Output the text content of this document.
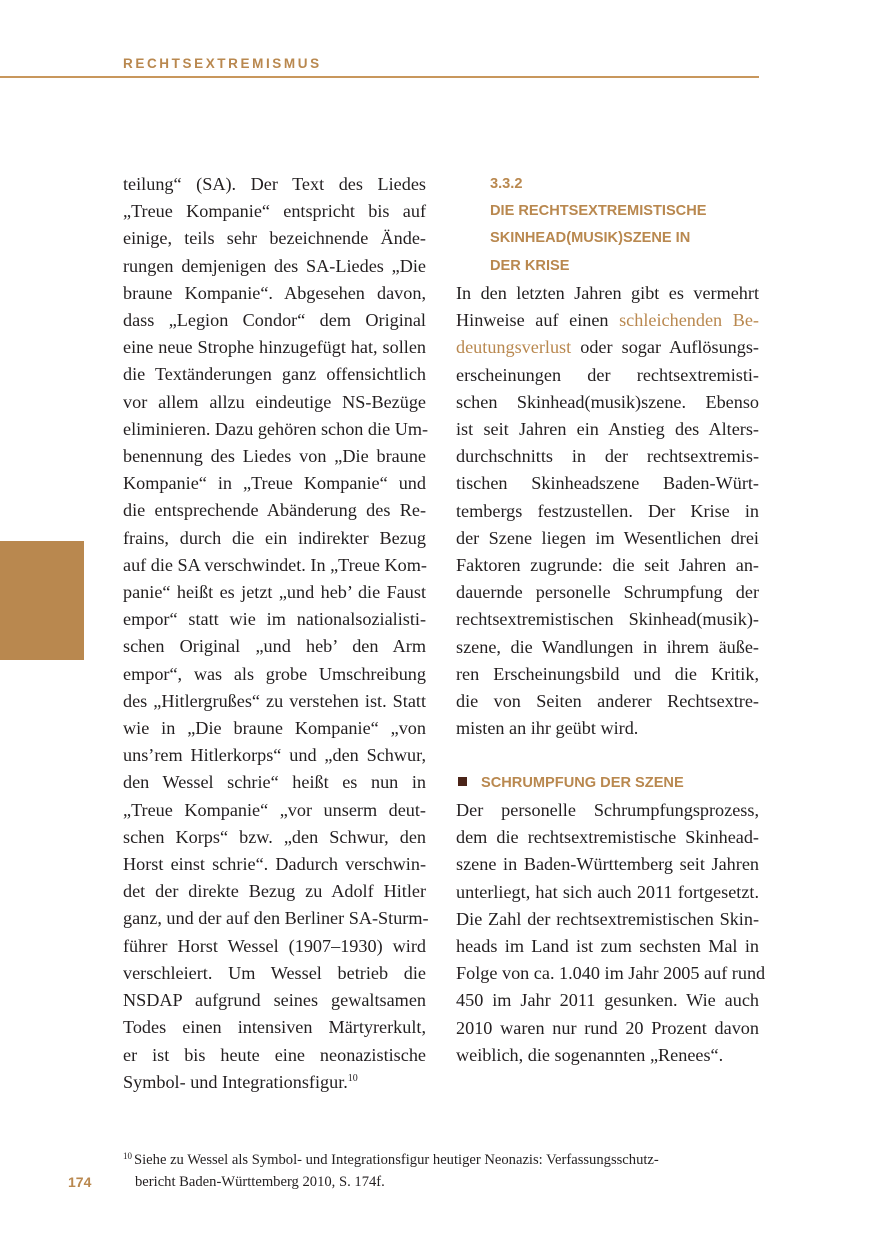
RECHTSEXTREMISMUS
teilung“ (SA). Der Text des Liedes
„Treue Kompanie“ entspricht bis auf
einige, teils sehr bezeichnende Ände-
rungen demjenigen des SA-Liedes „Die
braune Kompanie“. Abgesehen davon,
dass „Legion Condor“ dem Original
eine neue Strophe hinzugefügt hat, sollen
die Textänderungen ganz offensichtlich
vor allem allzu eindeutige NS-Bezüge
eliminieren. Dazu gehören schon die Um-
benennung des Liedes von „Die braune
Kompanie“ in „Treue Kompanie“ und
die entsprechende Abänderung des Re-
frains, durch die ein indirekter Bezug
auf die SA verschwindet. In „Treue Kom-
panie“ heißt es jetzt „und heb’ die Faust
empor“ statt wie im nationalsozialisti-
schen Original „und heb’ den Arm
empor“, was als grobe Umschreibung
des „Hitlergrußes“ zu verstehen ist. Statt
wie in „Die braune Kompanie“ „von
uns’rem Hitlerkorps“ und „den Schwur,
den Wessel schrie“ heißt es nun in
„Treue Kompanie“ „vor unserm deut-
schen Korps“ bzw. „den Schwur, den
Horst einst schrie“. Dadurch verschwin-
det der direkte Bezug zu Adolf Hitler
ganz, und der auf den Berliner SA-Sturm-
führer Horst Wessel (1907–1930) wird
verschleiert. Um Wessel betrieb die
NSDAP aufgrund seines gewaltsamen
Todes einen intensiven Märtyrerkult,
er ist bis heute eine neonazistische
Symbol- und Integrationsfigur.$^{10}$
3.3.2
DIE RECHTSEXTREMISTISCHE
SKINHEAD(MUSIK)SZENE IN
DER KRISE
In den letzten Jahren gibt es vermehrt
Hinweise auf einen schleichenden Be-
deutungsverlust oder sogar Auflösungs-
erscheinungen der rechtsextremisti-
schen Skinhead(musik)szene. Ebenso
ist seit Jahren ein Anstieg des Alters-
durchschnitts in der rechtsextremis-
tischen Skinheadszene Baden-Würt-
tembergs festzustellen. Der Krise in
der Szene liegen im Wesentlichen drei
Faktoren zugrunde: die seit Jahren an-
dauernde personelle Schrumpfung der
rechtsextremistischen Skinhead(musik)-
szene, die Wandlungen in ihrem äuße-
ren Erscheinungsbild und die Kritik,
die von Seiten anderer Rechtsextre-
misten an ihr geübt wird.
SCHRUMPFUNG DER SZENE
Der personelle Schrumpfungsprozess,
dem die rechtsextremistische Skinhead-
szene in Baden-Württemberg seit Jahren
unterliegt, hat sich auch 2011 fortgesetzt.
Die Zahl der rechtsextremistischen Skin-
heads im Land ist zum sechsten Mal in
Folge von ca. 1.040 im Jahr 2005 auf rund
450 im Jahr 2011 gesunken. Wie auch
2010 waren nur rund 20 Prozent davon
weiblich, die sogenannten „Renees“.
$^{10}$ Siehe zu Wessel als Symbol- und Integrationsfigur heutiger Neonazis: Verfassungsschutz-
bericht Baden-Württemberg 2010, S. 174f.
174
